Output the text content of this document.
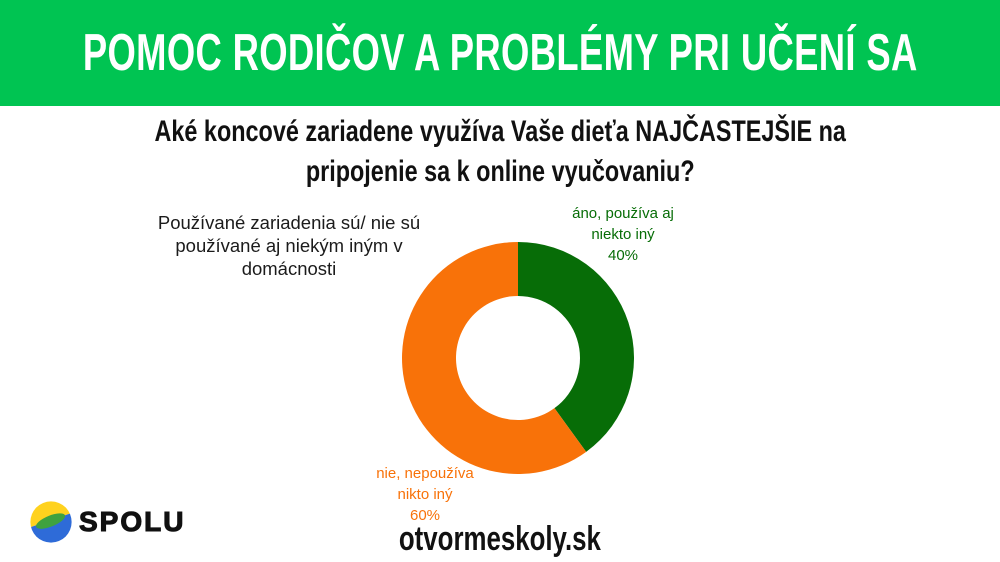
POMOC RODIČOV A PROBLÉMY PRI UČENÍ SA
Aké koncové zariadene využíva Vaše dieťa NAJČASTEJŠIE na
pripojenie sa k online vyučovaniu?
Používané zariadenia sú/ nie sú
používané aj niekým iným v
domácnosti
áno, používa aj
niekto iný
40%
nie, nepoužíva
nikto iný
60%
SPOLU	otvormeskoly.sk
